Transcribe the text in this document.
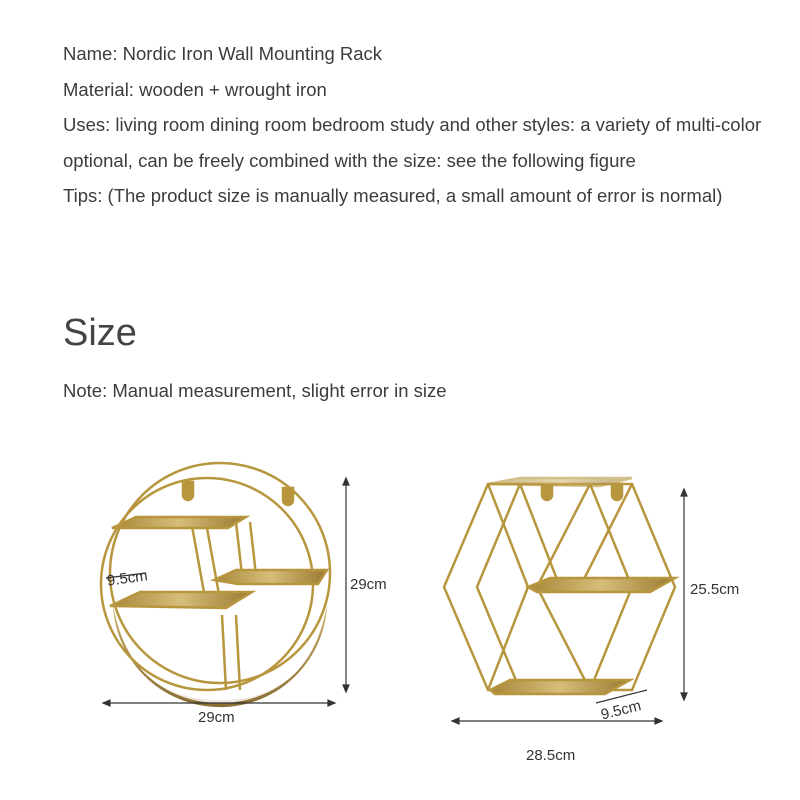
Name: Nordic Iron Wall Mounting Rack

Material: wooden + wrought iron

Uses: living room dining room bedroom study and other styles: a variety of multi-color optional, can be freely combined with the size: see the following figure

Tips: (The product size is manually measured, a small amount of error is normal)

Size
Note: Manual measurement, slight error in size
29cm
29cm
9.5cm
28.5cm
25.5cm
9.5cm
